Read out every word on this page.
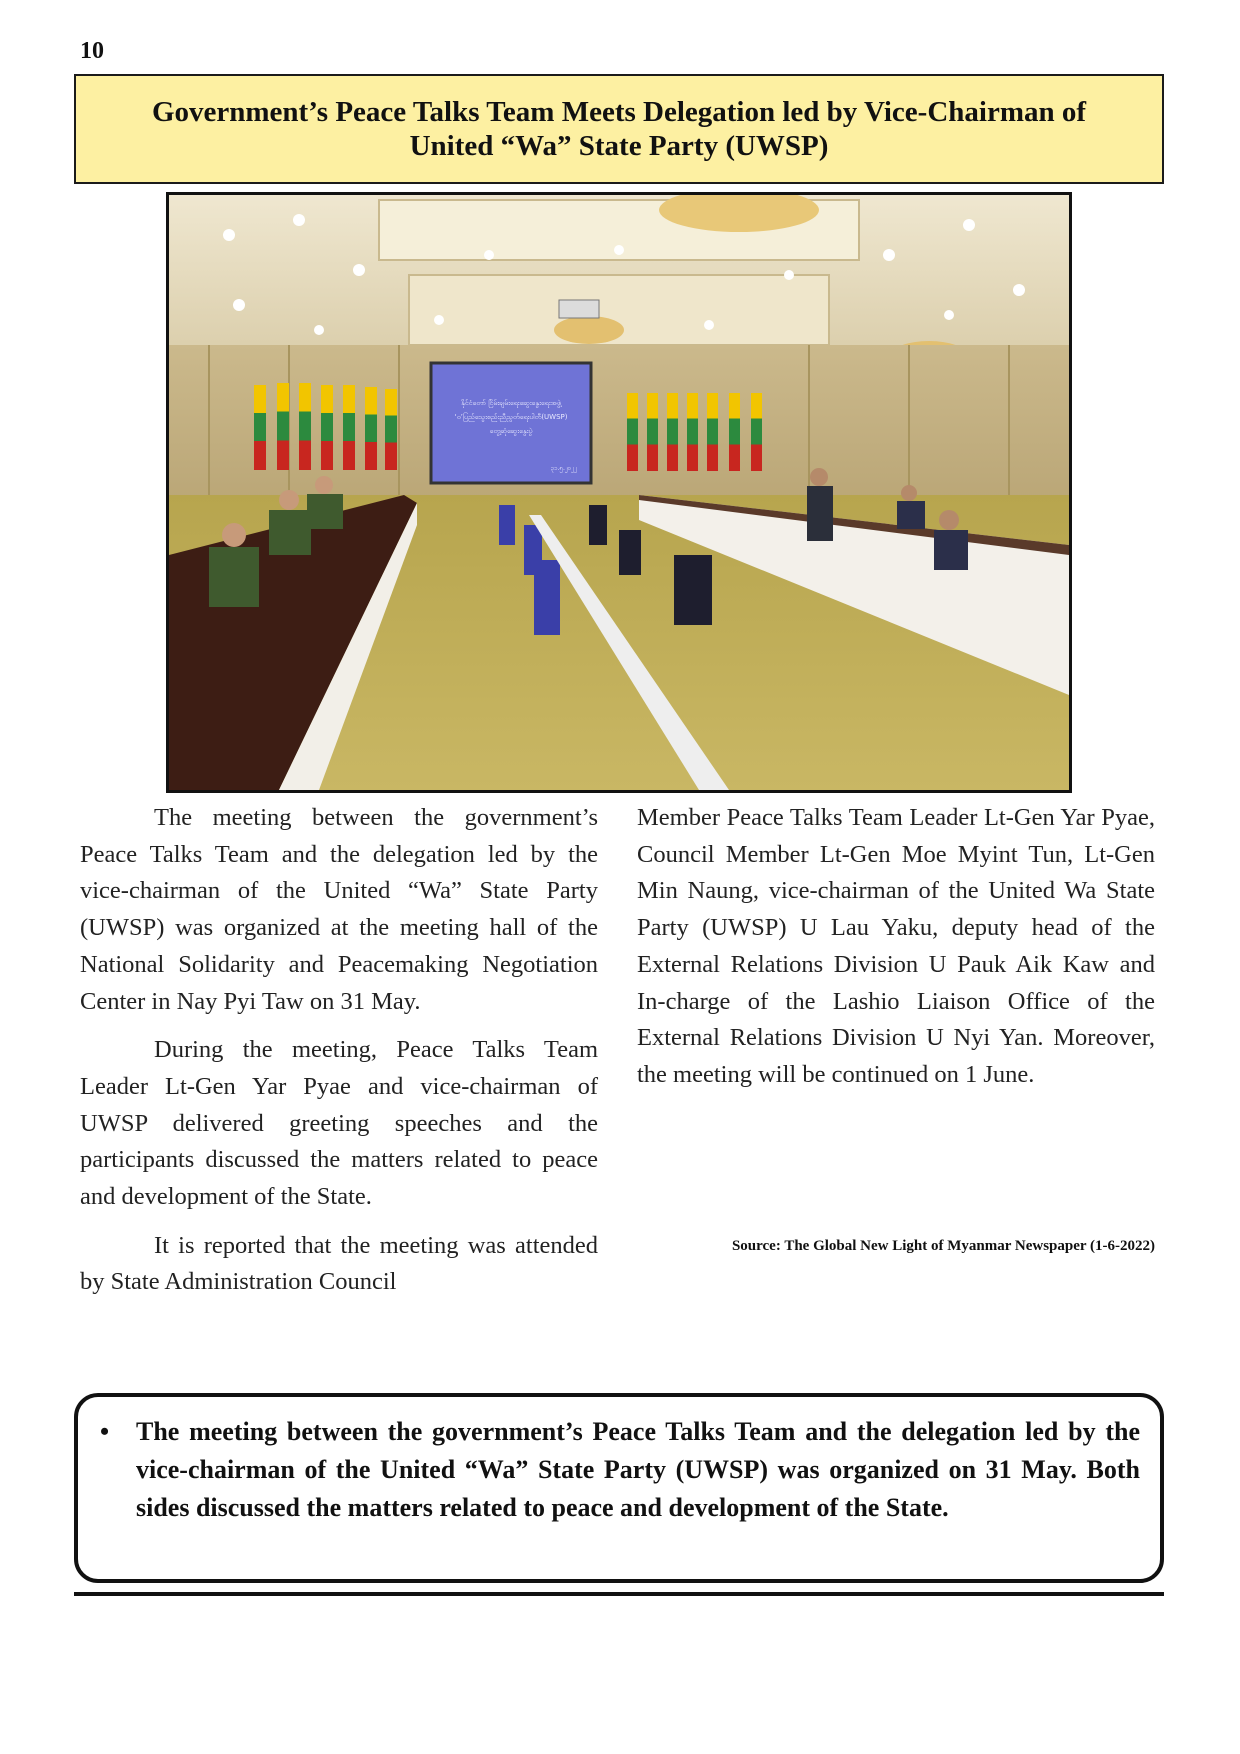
10
Government’s Peace Talks Team Meets Delegation led by Vice-Chairman of United “Wa” State Party (UWSP)
နိုင်ငံတော် ငြိမ်းချမ်းရေးဆွေးနွေးရေးအဖွဲ့
‘ဝ’ပြည်သွေးစည်းညီညွတ်ရေးပါတီ(UWSP)
တွေ့ဆုံဆွေးနွေးပွဲ
၃၁.၅.၂၀၂၂

The meeting between the government’s Peace Talks Team and the delegation led by the vice-chairman of the United “Wa” State Party (UWSP) was organized at the meeting hall of the National Solidarity and Peacemaking Negotiation Center in Nay Pyi Taw on 31 May.

During the meeting, Peace Talks Team Leader Lt-Gen Yar Pyae and vice-chairman of UWSP delivered greeting speeches and the participants discussed the matters related to peace and development of the State.

It is reported that the meeting was attended by State Administration Council

Member Peace Talks Team Leader Lt-Gen Yar Pyae, Council Member Lt-Gen Moe Myint Tun, Lt-Gen Min Naung, vice-chairman of the United Wa State Party (UWSP) U Lau Yaku, deputy head of the External Relations Division U Pauk Aik Kaw and In-charge of the Lashio Liaison Office of the External Relations Division U Nyi Yan. Moreover, the meeting will be continued on 1 June.

Source: The Global New Light of Myanmar Newspaper (1-6-2022)
• The meeting between the government’s Peace Talks Team and the delegation led by the vice-chairman of the United “Wa” State Party (UWSP) was organized on 31 May. Both sides discussed the matters related to peace and development of the State.
